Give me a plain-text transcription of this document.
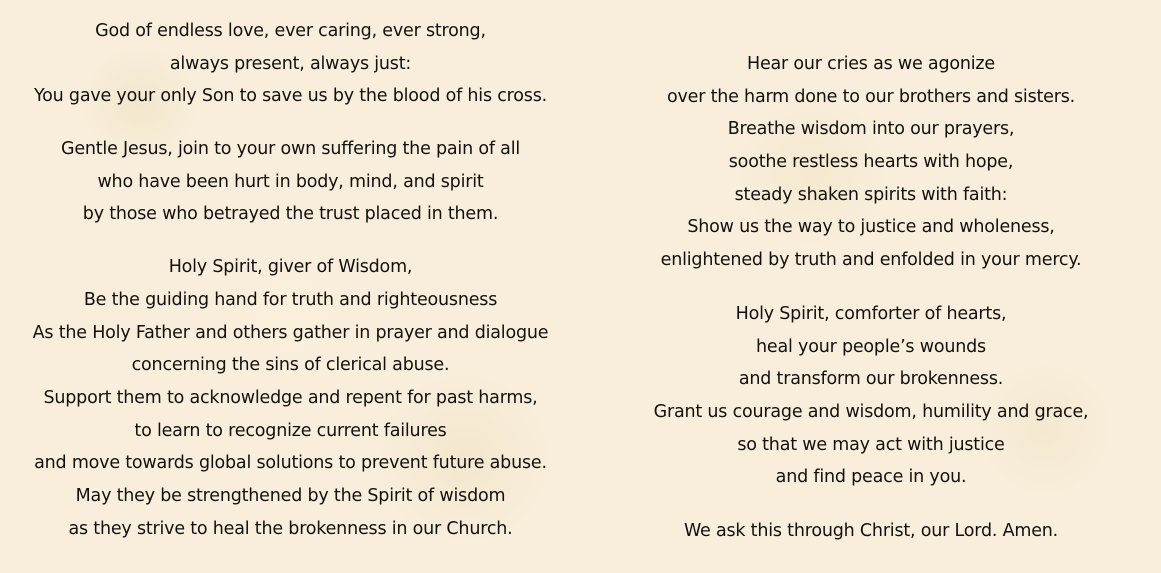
God of endless love, ever caring, ever strong,
always present, always just:
You gave your only Son to save us by the blood of his cross.
Gentle Jesus, join to your own suffering the pain of all
who have been hurt in body, mind, and spirit
by those who betrayed the trust placed in them.
Holy Spirit, giver of Wisdom,
Be the guiding hand for truth and righteousness
As the Holy Father and others gather in prayer and dialogue
concerning the sins of clerical abuse.
Support them to acknowledge and repent for past harms,
to learn to recognize current failures
and move towards global solutions to prevent future abuse.
May they be strengthened by the Spirit of wisdom
as they strive to heal the brokenness in our Church.
Hear our cries as we agonize
over the harm done to our brothers and sisters.
Breathe wisdom into our prayers,
soothe restless hearts with hope,
steady shaken spirits with faith:
Show us the way to justice and wholeness,
enlightened by truth and enfolded in your mercy.
Holy Spirit, comforter of hearts,
heal your people’s wounds
and transform our brokenness.
Grant us courage and wisdom, humility and grace,
so that we may act with justice
and find peace in you.
We ask this through Christ, our Lord. Amen.
